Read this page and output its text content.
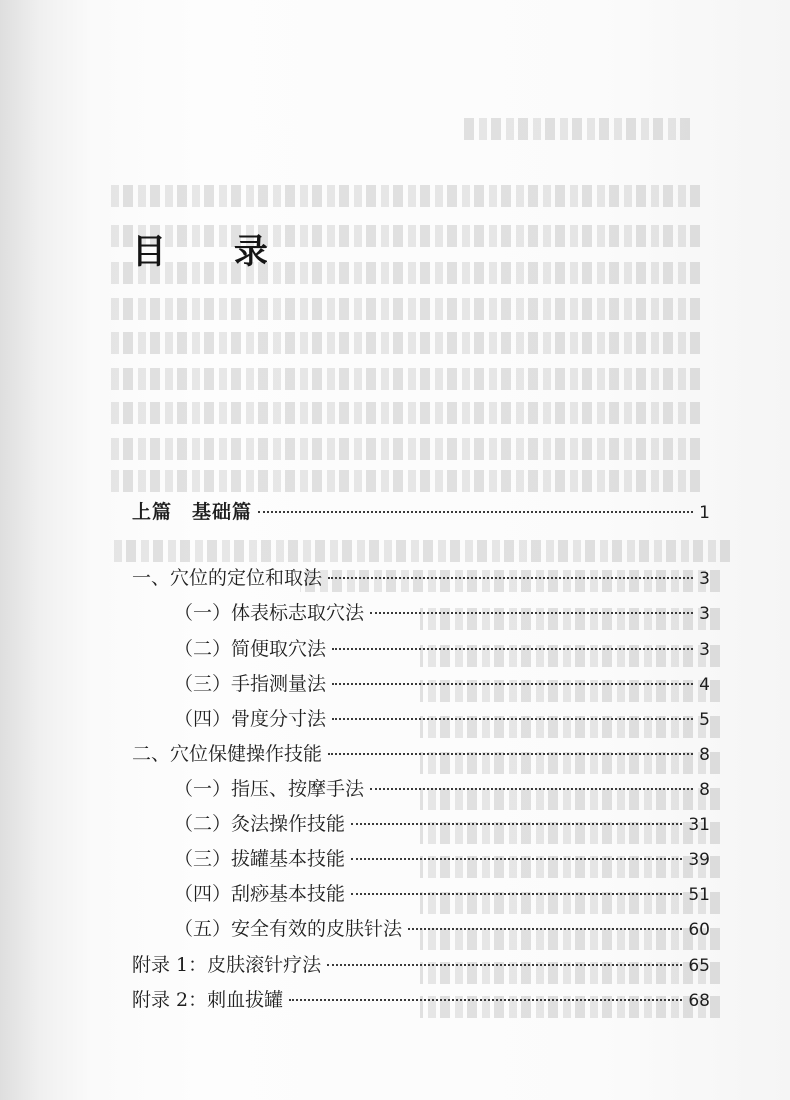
目 录
上篇　基础篇	1
一、穴位的定位和取法	3
（一）体表标志取穴法	3
（二）简便取穴法	3
（三）手指测量法	4
（四）骨度分寸法	5
二、穴位保健操作技能	8
（一）指压、按摩手法	8
（二）灸法操作技能	31
（三）拔罐基本技能	39
（四）刮痧基本技能	51
（五）安全有效的皮肤针法	60
附录 1：皮肤滚针疗法	65
附录 2：刺血拔罐	68
